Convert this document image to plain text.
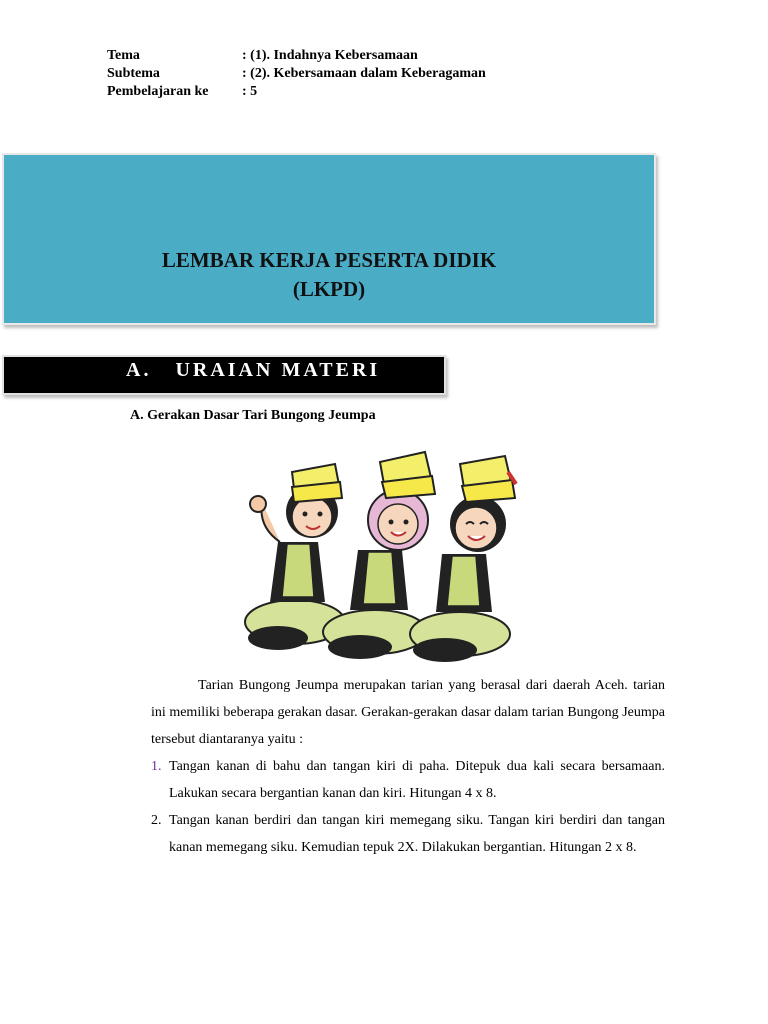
Tema	: (1). Indahnya Kebersamaan
Subtema	: (2). Kebersamaan dalam Keberagaman
Pembelajaran ke	: 5
LEMBAR KERJA PESERTA DIDIK
(LKPD)
A.   URAIAN MATERI
A. Gerakan Dasar Tari Bungong Jeumpa

Tarian Bungong Jeumpa merupakan tarian yang berasal dari daerah Aceh. tarian ini memiliki beberapa gerakan dasar. Gerakan-gerakan dasar dalam tarian Bungong Jeumpa tersebut diantaranya yaitu :

1. Tangan kanan di bahu dan tangan kiri di paha. Ditepuk dua kali secara bersamaan. Lakukan secara bergantian kanan dan kiri. Hitungan 4 x 8.
2. Tangan kanan berdiri dan tangan kiri memegang siku. Tangan kiri berdiri dan tangan kanan memegang siku. Kemudian tepuk 2X. Dilakukan bergantian. Hitungan 2 x 8.
